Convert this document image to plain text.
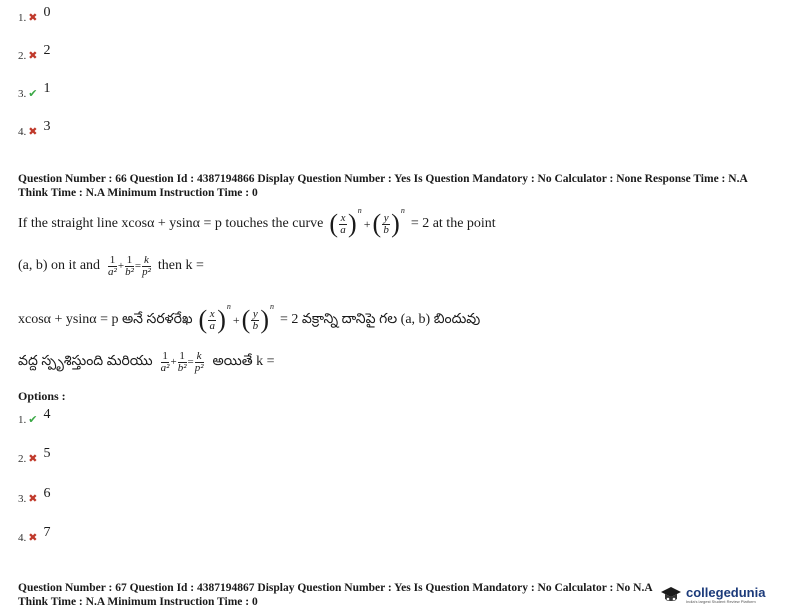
1. ✖ 0
2. ✖ 2
3. ✔ 1
4. ✖ 3
Question Number : 66 Question Id : 4387194866 Display Question Number : Yes Is Question Mandatory : No Calculator : None Response Time : N.A Think Time : N.A Minimum Instruction Time : 0
If the straight line xcosα + ysinα = p touches the curve ( $\frac{x}{a}$ ) n
+ ( $\frac{y}{b}$ ) n
= 2 at the point
(a, b) on it and $\frac{1}{\text{a²}} + \frac{1}{\text{b²}} = \frac{k}{\text{p²}}$ then k =
xcosα + ysinα = p అనే సరళరేఖ ( $\frac{x}{a}$ ) n
+ ( $\frac{y}{b}$ ) n
= 2 వక్రాన్ని దానిపై గల (a, b) బిందువు
వద్ద స్పృశిస్తుంది మరియు $\frac{1}{\text{a²}} + \frac{1}{\text{b²}} = \frac{k}{\text{p²}}$ అయితే k =
Options :
1. ✔ 4
2. ✖ 5
3. ✖ 6
4. ✖ 7
Question Number : 67 Question Id : 4387194867 Display Question Number : Yes Is Question Mandatory : No Calculator : No N.A Think Time : N.A Minimum Instruction Time : 0
collegedunia
India's largest Student Review Platform
